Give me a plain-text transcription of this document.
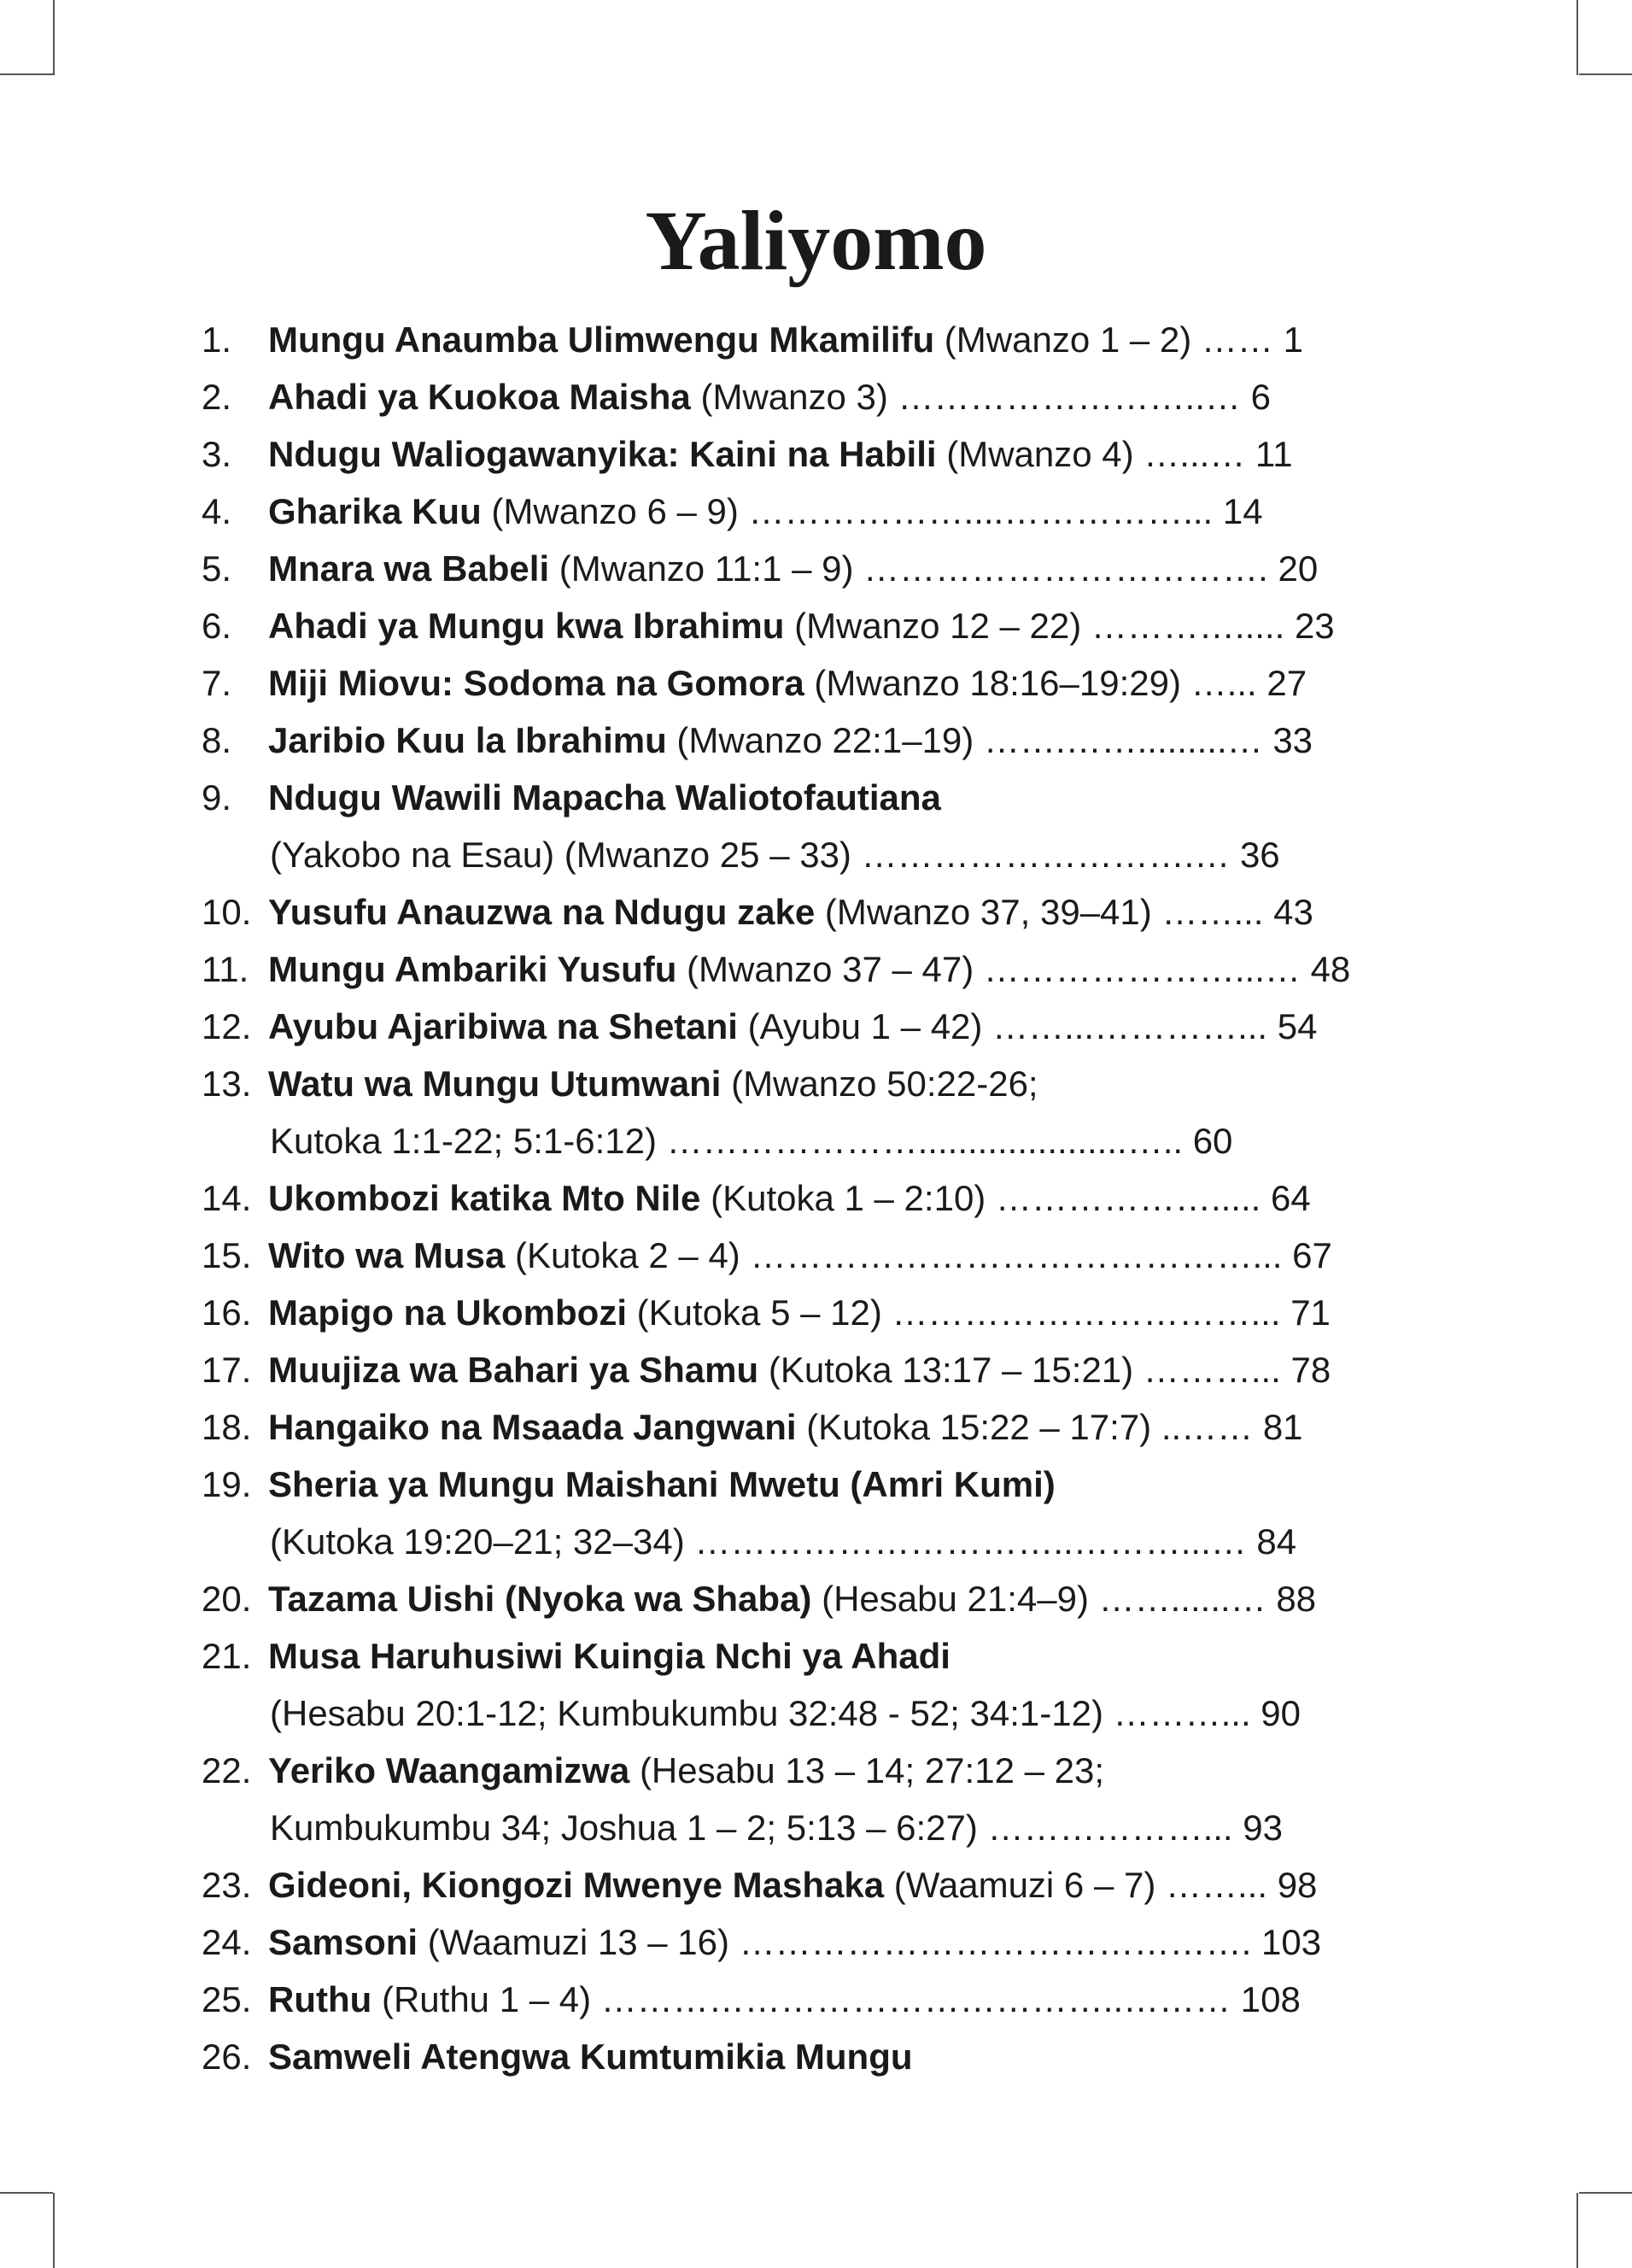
Yaliyomo
1. Mungu Anaumba Ulimwengu Mkamilifu (Mwanzo 1 – 2) …… 1
2. Ahadi ya Kuokoa Maisha (Mwanzo 3) ……………………..… 6
3. Ndugu Waliogawanyika: Kaini na Habili (Mwanzo 4) …...… 11
4. Gharika Kuu (Mwanzo 6 – 9) ………………....……………... 14
5. Mnara wa Babeli (Mwanzo 11:1 – 9) ……………………………. 20
6. Ahadi ya Mungu kwa Ibrahimu (Mwanzo 12 – 22) …………..... 23
7. Miji Miovu: Sodoma na Gomora (Mwanzo 18:16–19:29) …... 27
8. Jaribio Kuu la Ibrahimu (Mwanzo 22:1–19) …….…….........… 33
9. Ndugu Wawili Mapacha Waliotofautiana
(Yakobo na Esau) (Mwanzo 25 – 33) ……………………….… 36
10. Yusufu Anauzwa na Ndugu zake (Mwanzo 37, 39–41) ……... 43
11. Mungu Ambariki Yusufu (Mwanzo 37 – 47) …………………...… 48
12. Ayubu Ajaribiwa na Shetani (Ayubu 1 – 42) ……...…………... 54
13. Watu wa Mungu Utumwani (Mwanzo 50:22-26;
Kutoka 1:1-22; 5:1-6:12) ………………….....................….. 60
14. Ukombozi katika Mto Nile (Kutoka 1 – 2:10) ………………..... 64
15. Wito wa Musa (Kutoka 2 – 4) ……………………………………... 67
16. Mapigo na Ukombozi (Kutoka 5 – 12) …………………………... 71
17. Muujiza wa Bahari ya Shamu (Kutoka 13:17 – 15:21) ………... 78
18. Hangaiko na Msaada Jangwani (Kutoka 15:22 – 17:7) ..…… 81
19. Sheria ya Mungu Maishani Mwetu (Amri Kumi)
(Kutoka 19:20–21; 32–34) …………………………..………...… 84
20. Tazama Uishi (Nyoka wa Shaba) (Hesabu 21:4–9) ……......… 88
21. Musa Haruhusiwi Kuingia Nchi ya Ahadi
(Hesabu 20:1-12; Kumbukumbu 32:48 - 52; 34:1-12) ………... 90
22. Yeriko Waangamizwa (Hesabu 13 – 14; 27:12 – 23;
Kumbukumbu 34; Joshua 1 – 2; 5:13 – 6:27) ………………... 93
23. Gideoni, Kiongozi Mwenye Mashaka (Waamuzi 6 – 7) ……... 98
24. Samsoni (Waamuzi 13 – 16) ……………………………………. 103
25. Ruthu (Ruthu 1 – 4) ……………………………………..……… 108
26. Samweli Atengwa Kumtumikia Mungu
